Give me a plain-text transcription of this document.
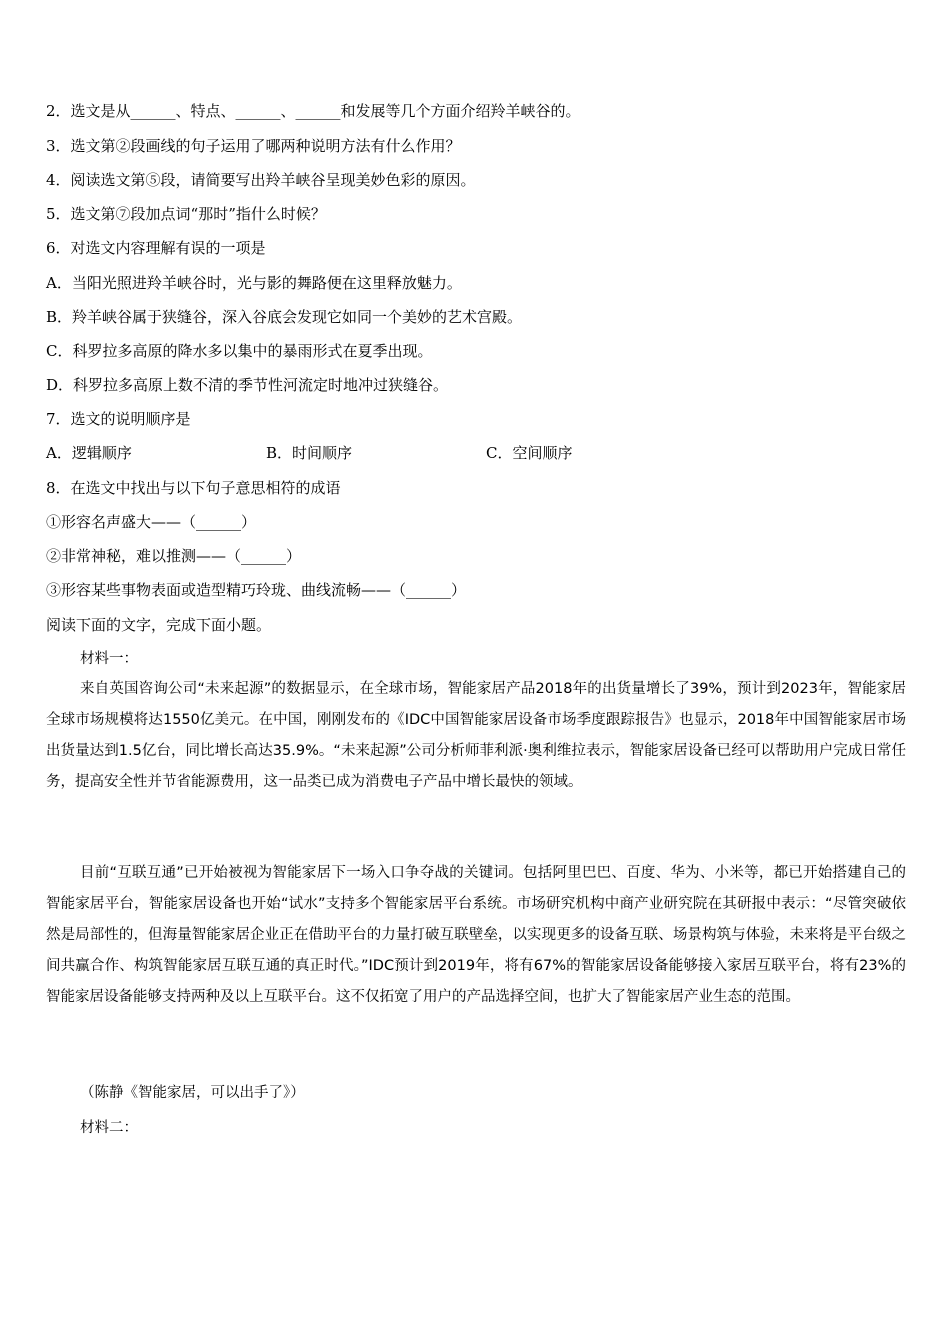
2．选文是从______、特点、______、______和发展等几个方面介绍羚羊峡谷的。
3．选文第②段画线的句子运用了哪两种说明方法有什么作用？
4．阅读选文第⑤段，请简要写出羚羊峡谷呈现美妙色彩的原因。
5．选文第⑦段加点词“那时”指什么时候？
6．对选文内容理解有误的一项是
A．当阳光照进羚羊峡谷时，光与影的舞路便在这里释放魅力。
B．羚羊峡谷属于狭缝谷，深入谷底会发现它如同一个美妙的艺术宫殿。
C．科罗拉多高原的降水多以集中的暴雨形式在夏季出现。
D．科罗拉多高原上数不清的季节性河流定时地冲过狭缝谷。
7．选文的说明顺序是
A．逻辑顺序	B．时间顺序	C．空间顺序
8．在选文中找出与以下句子意思相符的成语
①形容名声盛大——（______）
②非常神秘，难以推测——（______）
③形容某些事物表面或造型精巧玲珑、曲线流畅——（______）
阅读下面的文字，完成下面小题。
材料一：
来自英国咨询公司“未来起源”的数据显示，在全球市场，智能家居产品2018年的出货量增长了39%，预计到2023年，智能家居全球市场规模将达1550亿美元。在中国，刚刚发布的《IDC中国智能家居设备市场季度跟踪报告》也显示，2018年中国智能家居市场出货量达到1.5亿台，同比增长高达35.9%。“未来起源”公司分析师菲利派·奥利维拉表示，智能家居设备已经可以帮助用户完成日常任务，提高安全性并节省能源费用，这一品类已成为消费电子产品中增长最快的领域。
目前“互联互通”已开始被视为智能家居下一场入口争夺战的关键词。包括阿里巴巴、百度、华为、小米等，都已开始搭建自己的智能家居平台，智能家居设备也开始“试水”支持多个智能家居平台系统。市场研究机构中商产业研究院在其研报中表示：“尽管突破依然是局部性的，但海量智能家居企业正在借助平台的力量打破互联壁垒，以实现更多的设备互联、场景构筑与体验，未来将是平台级之间共赢合作、构筑智能家居互联互通的真正时代。”IDC预计到2019年，将有67%的智能家居设备能够接入家居互联平台，将有23%的智能家居设备能够支持两种及以上互联平台。这不仅拓宽了用户的产品选择空间，也扩大了智能家居产业生态的范围。
（陈静《智能家居，可以出手了》）
材料二：
